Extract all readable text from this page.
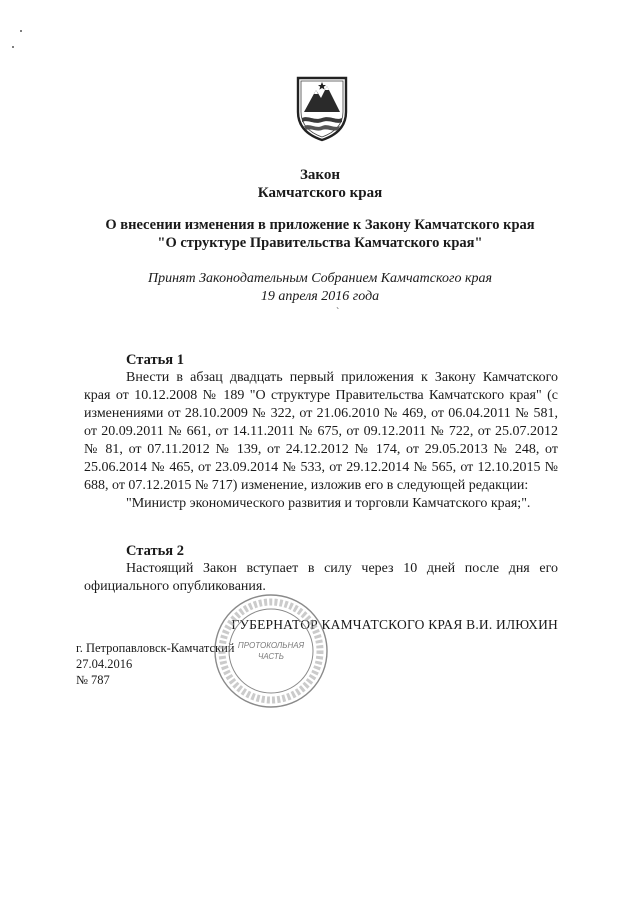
Закон
Камчатского края
О внесении изменения в приложение к Закону Камчатского края
"О структуре Правительства Камчатского края"
Принят Законодательным Собранием Камчатского края
19 апреля 2016 года
ˋ
Статья 1
Внести в абзац двадцать первый приложения к Закону Камчатского края от 10.12.2008 № 189 "О структуре Правительства Камчатского края" (с изменениями от 28.10.2009 № 322, от 21.06.2010 № 469, от 06.04.2011 № 581, от 20.09.2011 № 661, от 14.11.2011 № 675, от 09.12.2011 № 722, от 25.07.2012 № 81, от 07.11.2012 № 139, от 24.12.2012 № 174, от 29.05.2013 № 248, от 25.06.2014 № 465, от 23.09.2014 № 533, от 29.12.2014 № 565, от 12.10.2015 № 688, от 07.12.2015 № 717) изменение, изложив его в следующей редакции:
"Министр экономического развития и торговли Камчатского края;".
Статья 2
Настоящий Закон вступает в силу через 10 дней после дня его официального опубликования.
ГУБЕРНАТОР КАМЧАТСКОГО КРАЯ В.И. ИЛЮХИН
г. Петропавловск-Камчатский
27.04.2016
№ 787
ПРОТОКОЛЬНАЯ
ЧАСТЬ
